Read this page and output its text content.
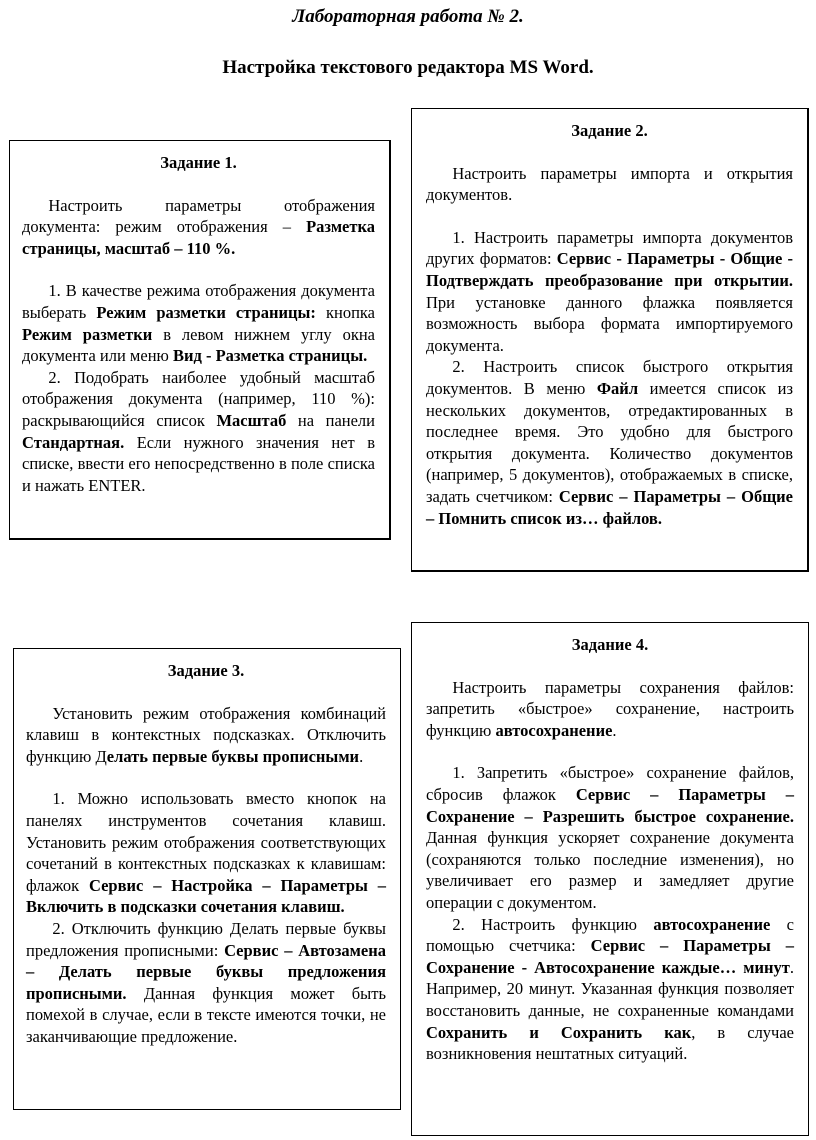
Лабораторная работа № 2.
Настройка текстового редактора MS Word.

Задание 1.

Настроить параметры отображения документа: режим отображения – Разметка страницы, масштаб – 110 %.

1. В качестве режима отображения документа выберать Режим разметки страницы: кнопка Режим разметки в левом нижнем углу окна документа или меню Вид - Разметка страницы.

2. Подобрать наиболее удобный масштаб отображения документа (например, 110 %): раскрывающийся список Масштаб на панели Стандартная. Если нужного значения нет в списке, ввести его непосредственно в поле списка и нажать ENTER.

Задание 2.

Настроить параметры импорта и открытия документов.

1. Настроить параметры импорта документов других форматов: Сервис - Параметры - Общие - Подтверждать преобразование при открытии. При установке данного флажка появляется возможность выбора формата импортируемого документа.

2. Настроить список быстрого открытия документов. В меню Файл имеется список из нескольких документов, отредактированных в последнее время. Это удобно для быстрого открытия документа. Количество документов (например, 5 документов), отображаемых в списке, задать счетчиком: Сервис – Параметры – Общие – Помнить список из… файлов.

Задание 3.

Установить режим отображения комбинаций клавиш в контекстных подсказках. Отключить функцию Делать первые буквы прописными.

1. Можно использовать вместо кнопок на панелях инструментов сочетания клавиш. Установить режим отображения соответствующих сочетаний в контекстных подсказках к клавишам: флажок Сервис – Настройка – Параметры – Включить в подсказки сочетания клавиш.

2. Отключить функцию Делать первые буквы предложения прописными: Сервис – Автозамена – Делать первые буквы предложения прописными. Данная функция может быть помехой в случае, если в тексте имеются точки, не заканчивающие предложение.

Задание 4.

Настроить параметры сохранения файлов: запретить «быстрое» сохранение, настроить функцию автосохранение.

1. Запретить «быстрое» сохранение файлов, сбросив флажок Сервис – Параметры – Сохранение – Разрешить быстрое сохранение. Данная функция ускоряет сохранение документа (сохраняются только последние изменения), но увеличивает его размер и замедляет другие операции с документом.

2. Настроить функцию автосохранение с помощью счетчика: Сервис – Параметры – Сохранение - Автосохранение каждые… минут. Например, 20 минут. Указанная функция позволяет восстановить данные, не сохраненные командами Сохранить и Сохранить как, в случае возникновения нештатных ситуаций.
